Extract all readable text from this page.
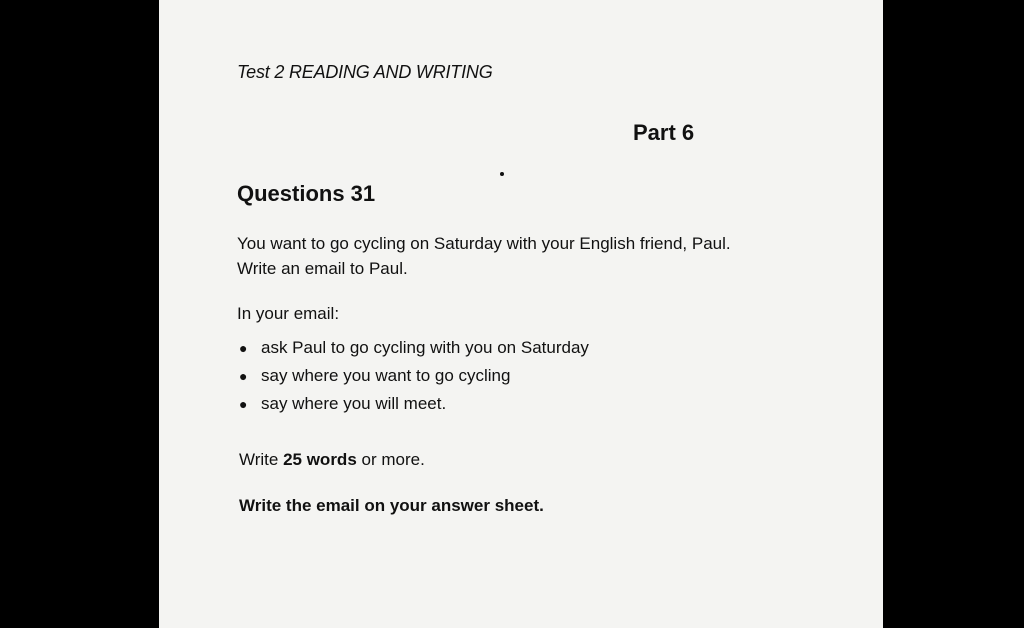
Test 2 READING AND WRITING
Part 6
Questions 31
You want to go cycling on Saturday with your English friend, Paul.
Write an email to Paul.
In your email:
● ask Paul to go cycling with you on Saturday
● say where you want to go cycling
● say where you will meet.
Write 25 words or more.
Write the email on your answer sheet.
